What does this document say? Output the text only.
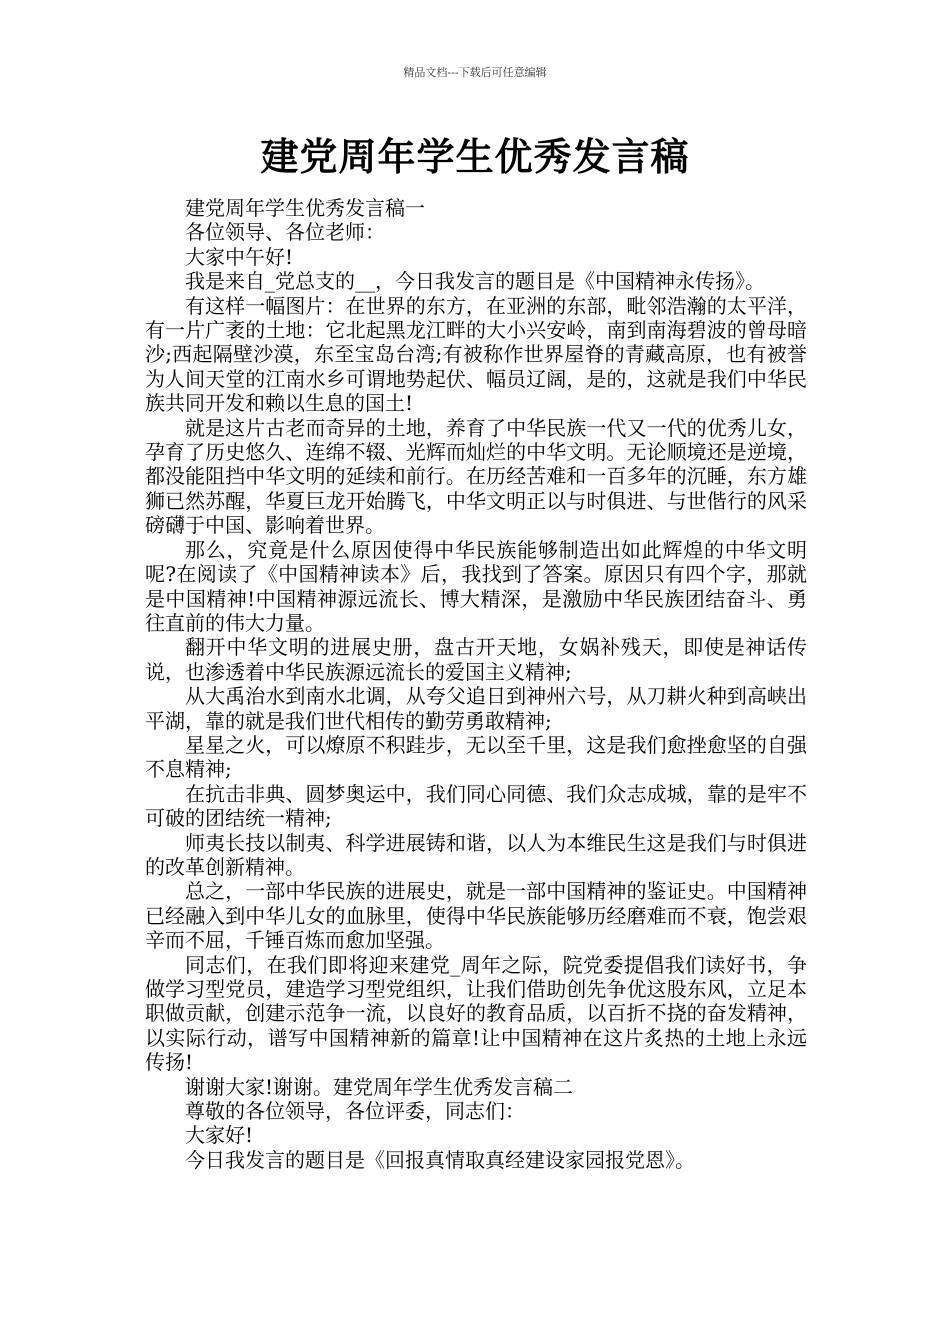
精品文档---下载后可任意编辑
建党周年学生优秀发言稿

建党周年学生优秀发言稿一

各位领导、各位老师：

大家中午好!

我是来自_党总支的__，今日我发言的题目是《中国精神永传扬》。

有这样一幅图片：在世界的东方，在亚洲的东部，毗邻浩瀚的太平洋，有一片广袤的土地：它北起黑龙江畔的大小兴安岭，南到南海碧波的曾母暗沙;西起隔壁沙漠，东至宝岛台湾;有被称作世界屋脊的青藏高原，也有被誉为人间天堂的江南水乡可谓地势起伏、幅员辽阔，是的，这就是我们中华民族共同开发和赖以生息的国土!

就是这片古老而奇异的土地，养育了中华民族一代又一代的优秀儿女，孕育了历史悠久、连绵不辍、光辉而灿烂的中华文明。无论顺境还是逆境，都没能阻挡中华文明的延续和前行。在历经苦难和一百多年的沉睡，东方雄狮已然苏醒，华夏巨龙开始腾飞，中华文明正以与时俱进、与世偕行的风采磅礴于中国、影响着世界。

那么，究竟是什么原因使得中华民族能够制造出如此辉煌的中华文明呢?在阅读了《中国精神读本》后，我找到了答案。原因只有四个字，那就是中国精神!中国精神源远流长、博大精深，是激励中华民族团结奋斗、勇往直前的伟大力量。

翻开中华文明的进展史册，盘古开天地，女娲补残天，即使是神话传说，也渗透着中华民族源远流长的爱国主义精神;

从大禹治水到南水北调，从夸父追日到神州六号，从刀耕火种到高峡出平湖，靠的就是我们世代相传的勤劳勇敢精神;

星星之火，可以燎原不积跬步，无以至千里，这是我们愈挫愈坚的自强不息精神;

在抗击非典、圆梦奥运中，我们同心同德、我们众志成城，靠的是牢不可破的团结统一精神;

师夷长技以制夷、科学进展铸和谐，以人为本维民生这是我们与时俱进的改革创新精神。

总之，一部中华民族的进展史，就是一部中国精神的鉴证史。中国精神已经融入到中华儿女的血脉里，使得中华民族能够历经磨难而不衰，饱尝艰辛而不屈，千锤百炼而愈加坚强。

同志们，在我们即将迎来建党_周年之际，院党委提倡我们读好书，争做学习型党员，建造学习型党组织，让我们借助创先争优这股东风，立足本职做贡献，创建示范争一流，以良好的教育品质，以百折不挠的奋发精神，以实际行动，谱写中国精神新的篇章!让中国精神在这片炙热的土地上永远传扬!

谢谢大家!谢谢。建党周年学生优秀发言稿二

尊敬的各位领导，各位评委，同志们：

大家好!

今日我发言的题目是《回报真情取真经建设家园报党恩》。
